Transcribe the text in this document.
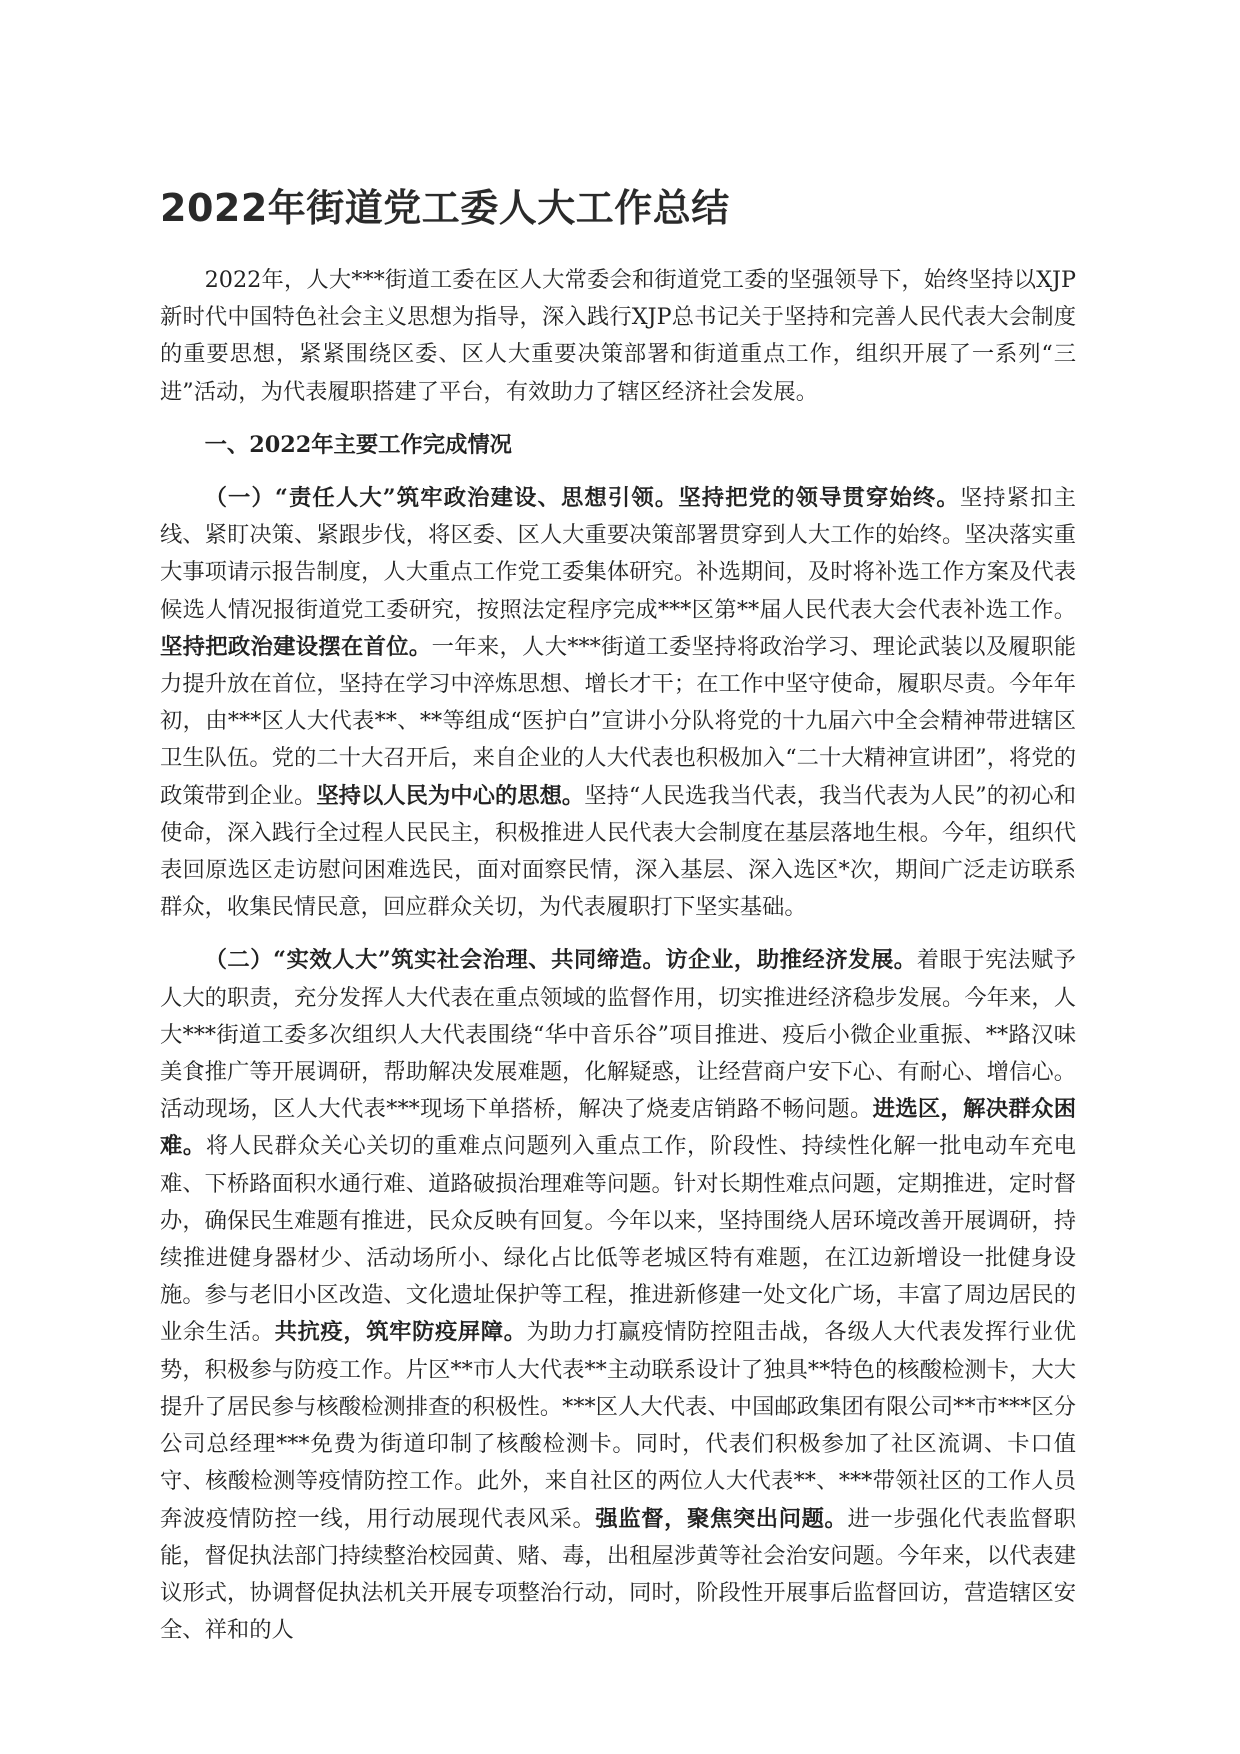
2022年街道党工委人大工作总结

2022年，人大***街道工委在区人大常委会和街道党工委的坚强领导下，始终坚持以XJP新时代中国特色社会主义思想为指导，深入践行XJP总书记关于坚持和完善人民代表大会制度的重要思想，紧紧围绕区委、区人大重要决策部署和街道重点工作，组织开展了一系列“三进”活动，为代表履职搭建了平台，有效助力了辖区经济社会发展。

一、2022年主要工作完成情况

（一）“责任人大”筑牢政治建设、思想引领。坚持把党的领导贯穿始终。坚持紧扣主线、紧盯决策、紧跟步伐，将区委、区人大重要决策部署贯穿到人大工作的始终。坚决落实重大事项请示报告制度，人大重点工作党工委集体研究。补选期间，及时将补选工作方案及代表候选人情况报街道党工委研究，按照法定程序完成***区第**届人民代表大会代表补选工作。坚持把政治建设摆在首位。一年来，人大***街道工委坚持将政治学习、理论武装以及履职能力提升放在首位，坚持在学习中淬炼思想、增长才干；在工作中坚守使命，履职尽责。今年年初，由***区人大代表**、**等组成“医护白”宣讲小分队将党的十九届六中全会精神带进辖区卫生队伍。党的二十大召开后，来自企业的人大代表也积极加入“二十大精神宣讲团”，将党的政策带到企业。坚持以人民为中心的思想。坚持“人民选我当代表，我当代表为人民”的初心和使命，深入践行全过程人民民主，积极推进人民代表大会制度在基层落地生根。今年，组织代表回原选区走访慰问困难选民，面对面察民情，深入基层、深入选区*次，期间广泛走访联系群众，收集民情民意，回应群众关切，为代表履职打下坚实基础。

（二）“实效人大”筑实社会治理、共同缔造。访企业，助推经济发展。着眼于宪法赋予人大的职责，充分发挥人大代表在重点领域的监督作用，切实推进经济稳步发展。今年来，人大***街道工委多次组织人大代表围绕“华中音乐谷”项目推进、疫后小微企业重振、**路汉味美食推广等开展调研，帮助解决发展难题，化解疑惑，让经营商户安下心、有耐心、增信心。活动现场，区人大代表***现场下单搭桥，解决了烧麦店销路不畅问题。进选区，解决群众困难。将人民群众关心关切的重难点问题列入重点工作，阶段性、持续性化解一批电动车充电难、下桥路面积水通行难、道路破损治理难等问题。针对长期性难点问题，定期推进，定时督办，确保民生难题有推进，民众反映有回复。今年以来，坚持围绕人居环境改善开展调研，持续推进健身器材少、活动场所小、绿化占比低等老城区特有难题，在江边新增设一批健身设施。参与老旧小区改造、文化遗址保护等工程，推进新修建一处文化广场，丰富了周边居民的业余生活。共抗疫，筑牢防疫屏障。为助力打赢疫情防控阻击战，各级人大代表发挥行业优势，积极参与防疫工作。片区**市人大代表**主动联系设计了独具**特色的核酸检测卡，大大提升了居民参与核酸检测排查的积极性。***区人大代表、中国邮政集团有限公司**市***区分公司总经理***免费为街道印制了核酸检测卡。同时，代表们积极参加了社区流调、卡口值守、核酸检测等疫情防控工作。此外，来自社区的两位人大代表**、***带领社区的工作人员奔波疫情防控一线，用行动展现代表风采。强监督，聚焦突出问题。进一步强化代表监督职能，督促执法部门持续整治校园黄、赌、毒，出租屋涉黄等社会治安问题。今年来，以代表建议形式，协调督促执法机关开展专项整治行动，同时，阶段性开展事后监督回访，营造辖区安全、祥和的人
